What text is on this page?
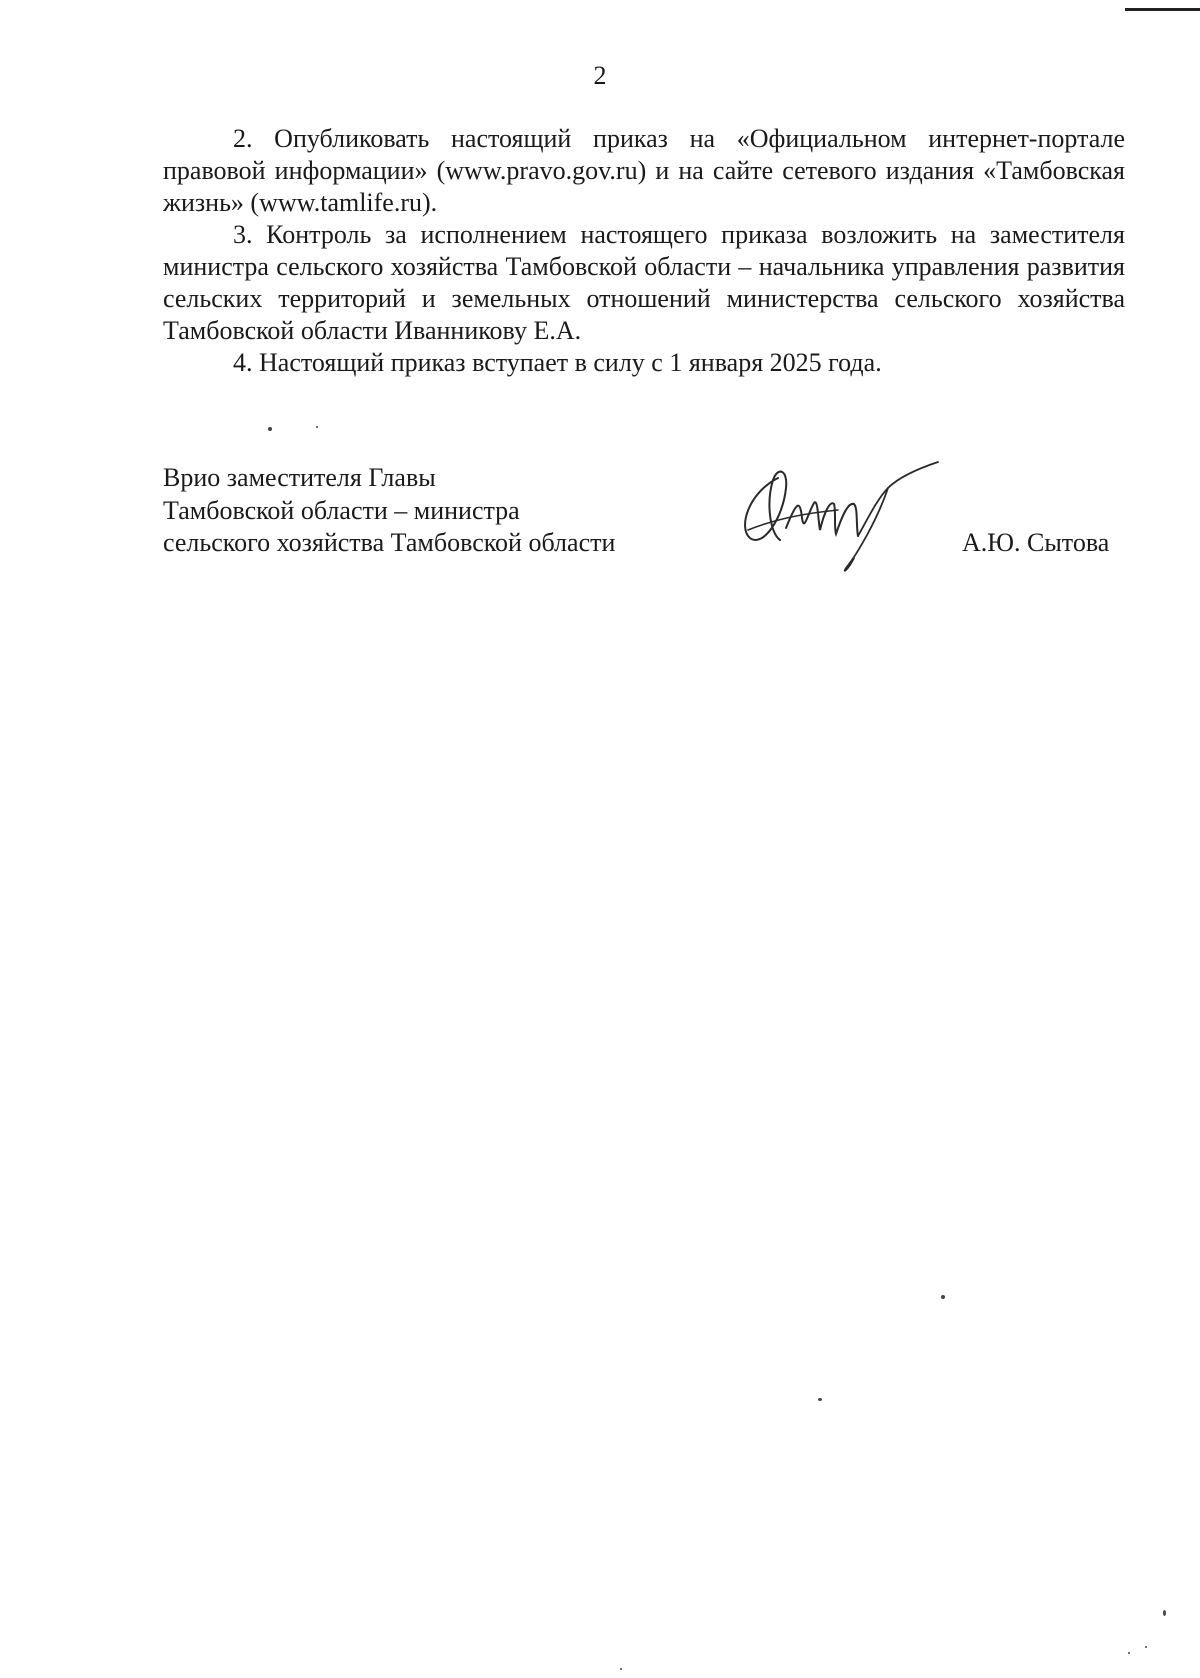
2

2. Опубликовать настоящий приказ на «Официальном интернет-портале правовой информации» (www.pravo.gov.ru) и на сайте сетевого издания «Тамбовская жизнь» (www.tamlife.ru).

3. Контроль за исполнением настоящего приказа возложить на заместителя министра сельского хозяйства Тамбовской области – начальника управления развития сельских территорий и земельных отношений министерства сельского хозяйства Тамбовской области Иванникову Е.А.

4. Настоящий приказ вступает в силу с 1 января 2025 года.

Врио заместителя Главы
Тамбовской области – министра
сельского хозяйства Тамбовской области	А.Ю. Сытова
